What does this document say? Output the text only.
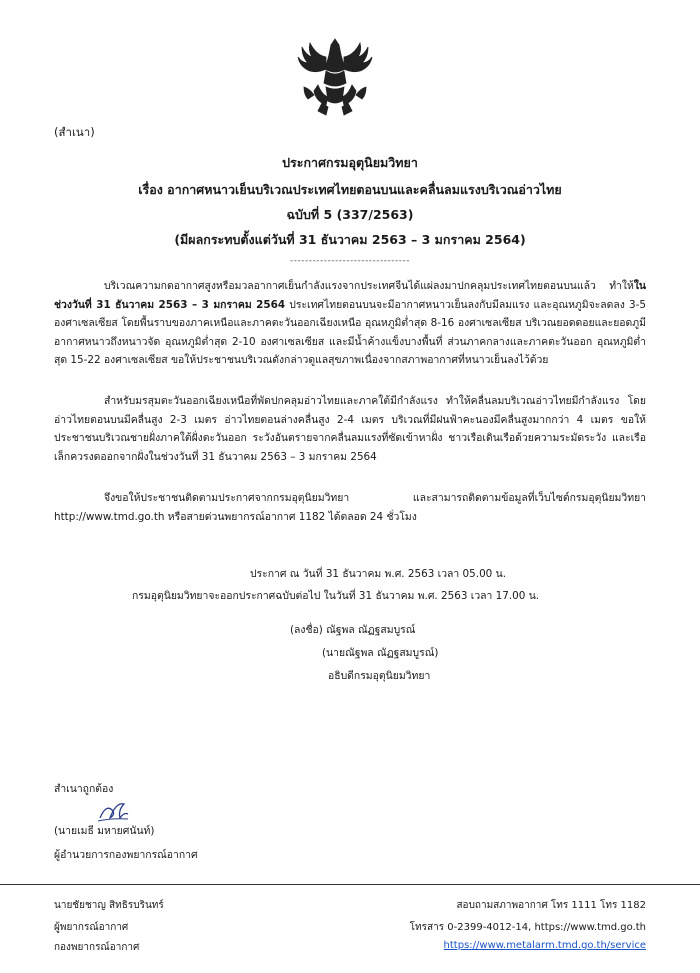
(สำเนา)
ประกาศกรมอุตุนิยมวิทยา
เรื่อง อากาศหนาวเย็นบริเวณประเทศไทยตอนบนและคลื่นลมแรงบริเวณอ่าวไทย
ฉบับที่ 5 (337/2563)
(มีผลกระทบตั้งแต่วันที่ 31 ธันวาคม 2563 – 3 มกราคม 2564)
--------------------------------
บริเวณความกดอากาศสูงหรือมวลอากาศเย็นกำลังแรงจากประเทศจีนได้แผ่ลงมาปกคลุมประเทศไทยตอนบนแล้ว ทำให้ในช่วงวันที่ 31 ธันวาคม 2563 – 3 มกราคม 2564 ประเทศไทยตอนบนจะมีอากาศหนาวเย็นลงกับมีลมแรง และอุณหภูมิจะลดลง 3-5 องศาเซลเซียส โดยพื้นราบของภาคเหนือและภาคตะวันออกเฉียงเหนือ อุณหภูมิต่ำสุด 8-16 องศาเซลเซียส บริเวณยอดดอยและยอดภูมีอากาศหนาวถึงหนาวจัด อุณหภูมิต่ำสุด 2-10 องศาเซลเซียส และมีน้ำค้างแข็งบางพื้นที่ ส่วนภาคกลางและภาคตะวันออก อุณหภูมิต่ำสุด 15-22 องศาเซลเซียส ขอให้ประชาชนบริเวณดังกล่าวดูแลสุขภาพเนื่องจากสภาพอากาศที่หนาวเย็นลงไว้ด้วย
สำหรับมรสุมตะวันออกเฉียงเหนือที่พัดปกคลุมอ่าวไทยและภาคใต้มีกำลังแรง ทำให้คลื่นลมบริเวณอ่าวไทยมีกำลังแรง โดยอ่าวไทยตอนบนมีคลื่นสูง 2-3 เมตร อ่าวไทยตอนล่างคลื่นสูง 2-4 เมตร บริเวณที่มีฝนฟ้าคะนองมีคลื่นสูงมากกว่า 4 เมตร ขอให้ประชาชนบริเวณชายฝั่งภาคใต้ฝั่งตะวันออก ระวังอันตรายจากคลื่นลมแรงที่ซัดเข้าหาฝั่ง ชาวเรือเดินเรือด้วยความระมัดระวัง และเรือเล็กควรงดออกจากฝั่งในช่วงวันที่ 31 ธันวาคม 2563 – 3 มกราคม 2564
จึงขอให้ประชาชนติดตามประกาศจากกรมอุตุนิยมวิทยา และสามารถติดตามข้อมูลที่เว็บไซต์กรมอุตุนิยมวิทยา http://www.tmd.go.th หรือสายด่วนพยากรณ์อากาศ 1182 ได้ตลอด 24 ชั่วโมง
ประกาศ ณ วันที่ 31 ธันวาคม พ.ศ. 2563 เวลา 05.00 น.
กรมอุตุนิยมวิทยาจะออกประกาศฉบับต่อไป ในวันที่ 31 ธันวาคม พ.ศ. 2563 เวลา 17.00 น.
(ลงชื่อ) ณัฐพล ณัฏฐสมบูรณ์
(นายณัฐพล ณัฏฐสมบูรณ์)
อธิบดีกรมอุตุนิยมวิทยา
สำเนาถูกต้อง
(นายเมธี มหายศนันท์)
ผู้อำนวยการกองพยากรณ์อากาศ
นายชัยชาญ สิทธิรบรินทร์
ผู้พยากรณ์อากาศ
กองพยากรณ์อากาศ
สอบถามสภาพอากาศ โทร 1111 โทร 1182
โทรสาร 0-2399-4012-14, https://www.tmd.go.th
https://www.metalarm.tmd.go.th/service
